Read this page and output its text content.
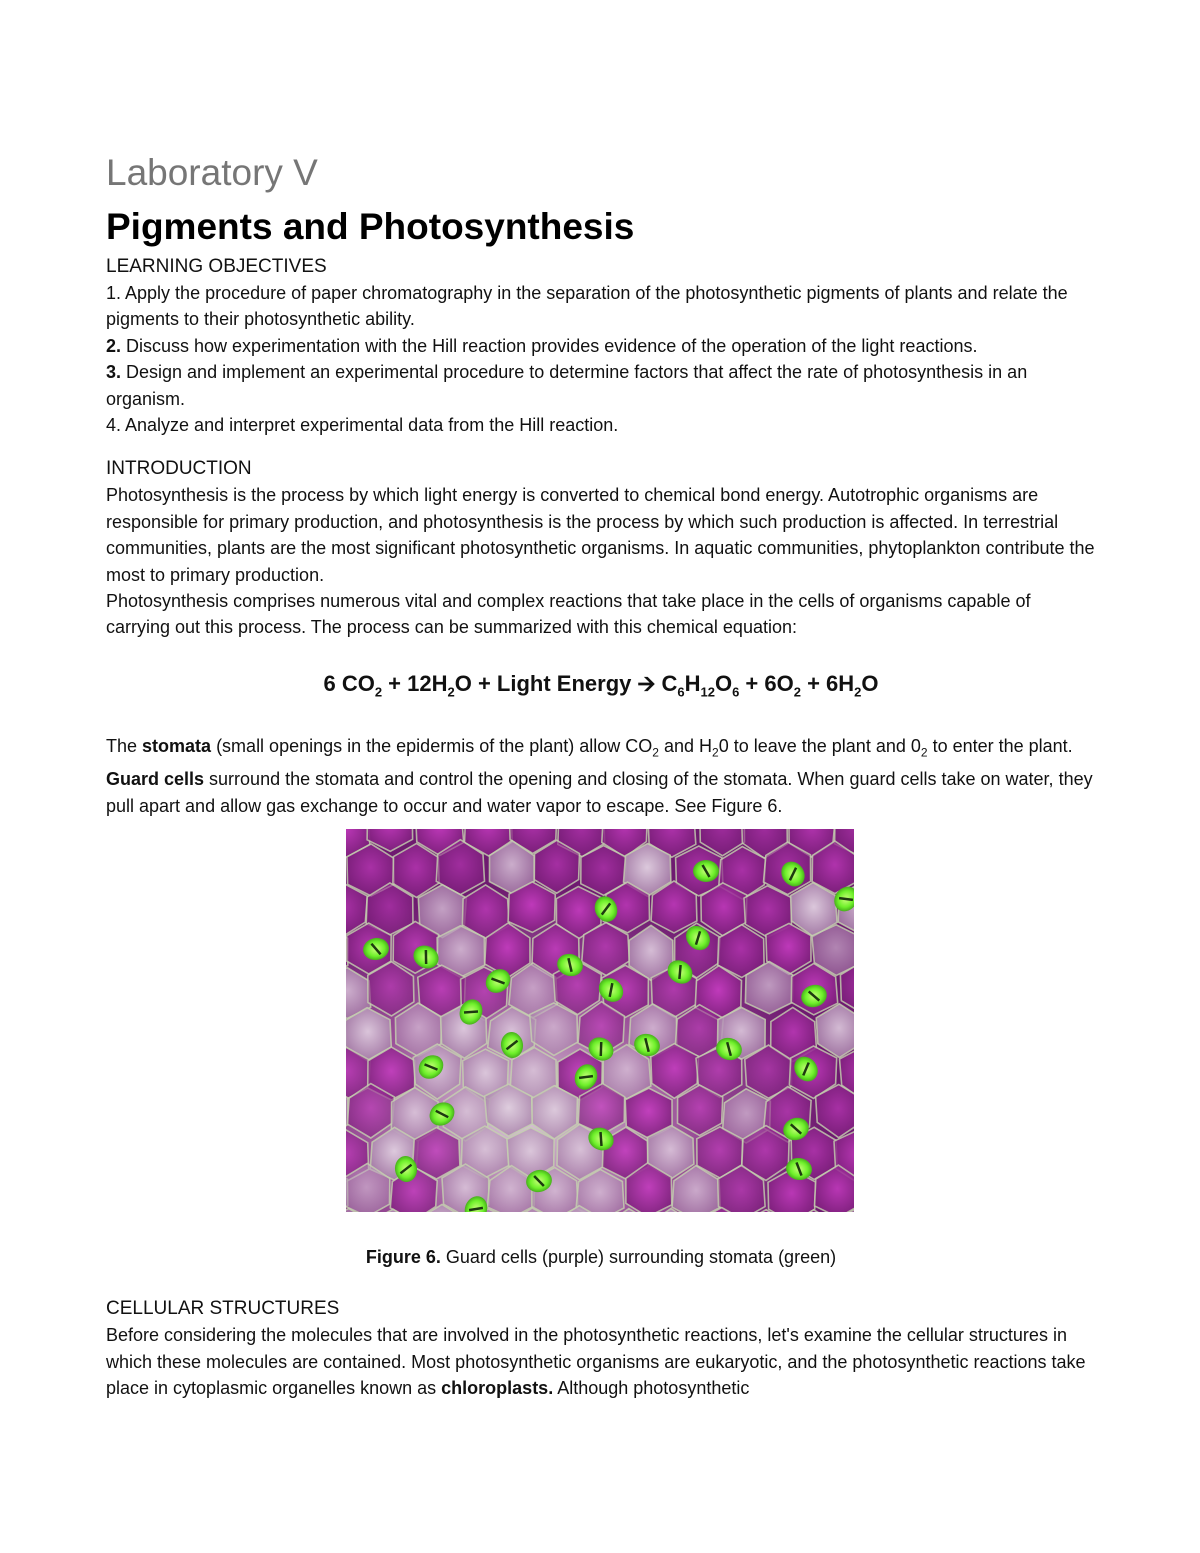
Laboratory V
Pigments and Photosynthesis
LEARNING OBJECTIVES

1. Apply the procedure of paper chromatography in the separation of the photosynthetic pigments of plants and relate the pigments to their photosynthetic ability.

2. Discuss how experimentation with the Hill reaction provides evidence of the operation of the light reactions.

3. Design and implement an experimental procedure to determine factors that affect the rate of photosynthesis in an organism.

4. Analyze and interpret experimental data from the Hill reaction.

INTRODUCTION

Photosynthesis is the process by which light energy is converted to chemical bond energy. Autotrophic organisms are responsible for primary production, and photosynthesis is the process by which such production is affected. In terrestrial communities, plants are the most significant photosynthetic organisms. In aquatic communities, phytoplankton contribute the most to primary production.

Photosynthesis comprises numerous vital and complex reactions that take place in the cells of organisms capable of carrying out this process. The process can be summarized with this chemical equation:

6 $CO_2 + 12H_2O$ + Light Energy 🡪 $C_6H_{12}O_6 + 6O_2 + 6H_2O$

The stomata (small openings in the epidermis of the plant) allow $CO_2$ and $H_20$ to leave the plant and $0_2$ to enter the plant. Guard cells surround the stomata and control the opening and closing of the stomata. When guard cells take on water, they pull apart and allow gas exchange to occur and water vapor to escape. See Figure 6.

Figure 6. Guard cells (purple) surrounding stomata (green)

CELLULAR STRUCTURES

Before considering the molecules that are involved in the photosynthetic reactions, let's examine the cellular structures in which these molecules are contained. Most photosynthetic organisms are eukaryotic, and the photosynthetic reactions take place in cytoplasmic organelles known as chloroplasts. Although photosynthetic
